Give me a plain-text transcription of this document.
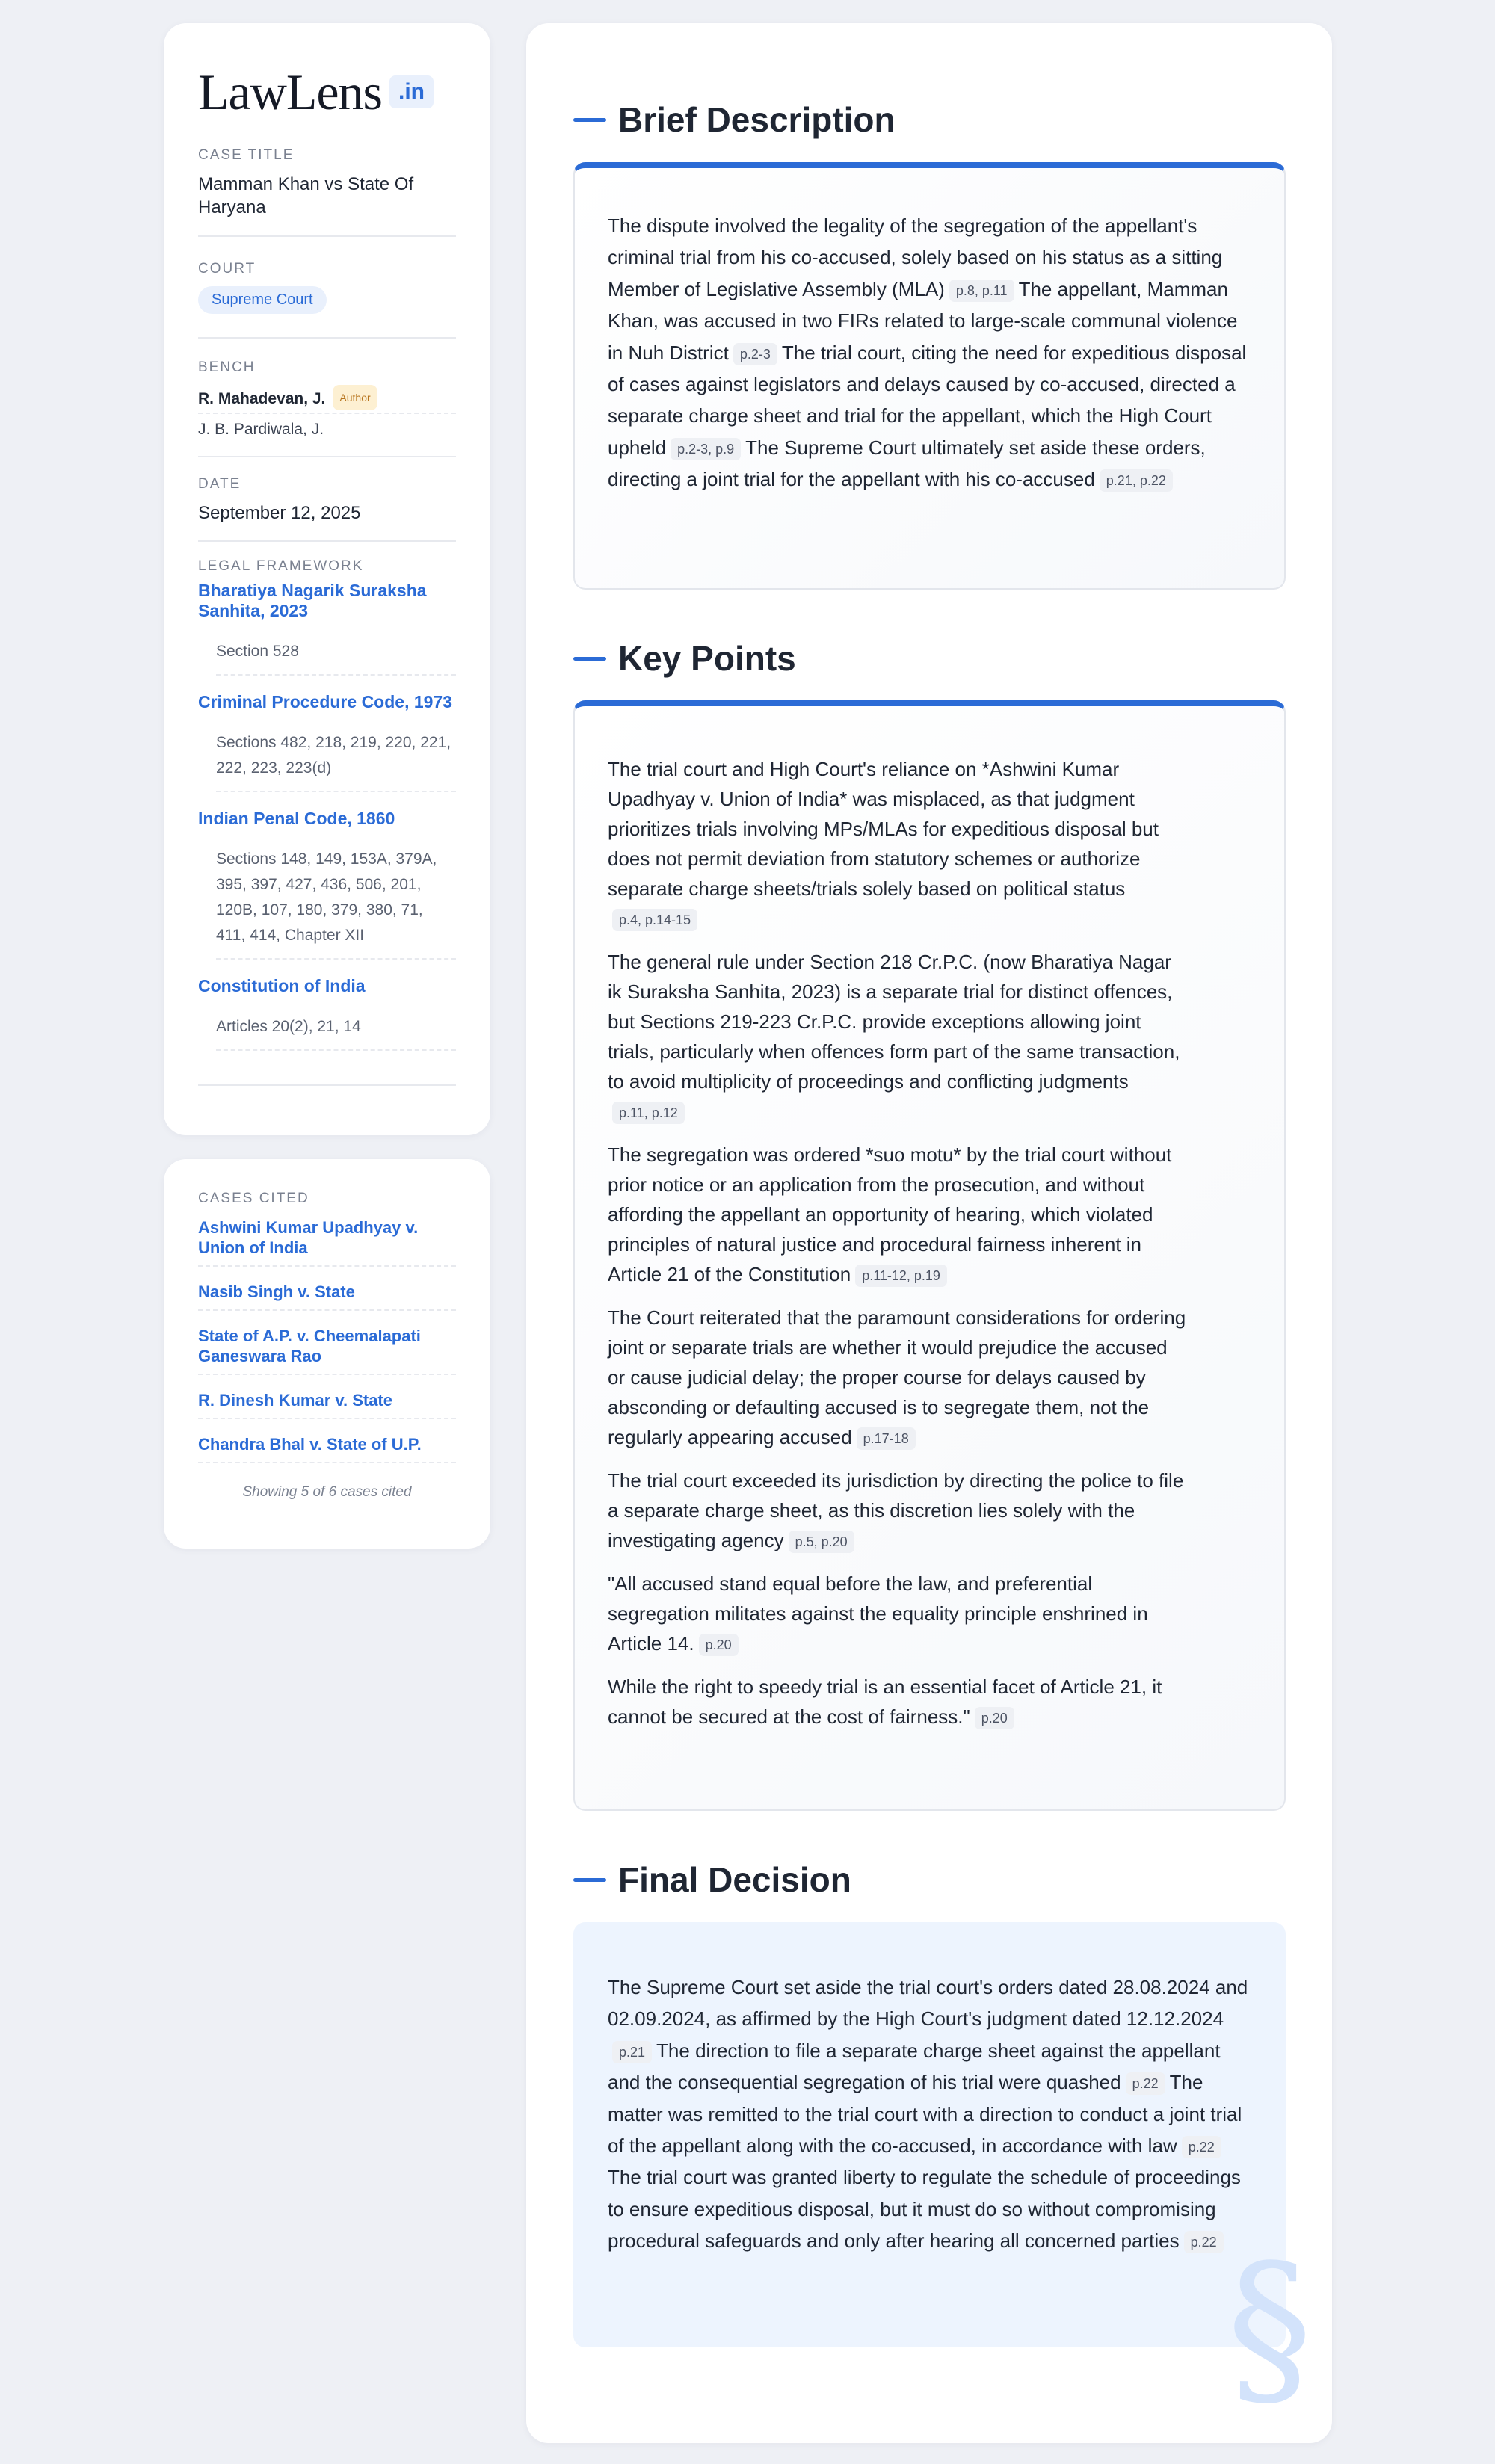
LawLens .in
CASE TITLE
Mamman Khan vs State Of Haryana
COURT
Supreme Court
BENCH
R. Mahadevan, J. Author
J. B. Pardiwala, J.
DATE
September 12, 2025
LEGAL FRAMEWORK
Bharatiya Nagarik Suraksha Sanhita, 2023
Section 528
Criminal Procedure Code, 1973
Sections 482, 218, 219, 220, 221, 222, 223, 223(d)
Indian Penal Code, 1860
Sections 148, 149, 153A, 379A, 395, 397, 427, 436, 506, 201, 120B, 107, 180, 379, 380, 71, 411, 414, Chapter XII
Constitution of India
Articles 20(2), 21, 14
CASES CITED
Ashwini Kumar Upadhyay v. Union of India
Nasib Singh v. State
State of A.P. v. Cheemalapati Ganeswara Rao
R. Dinesh Kumar v. State
Chandra Bhal v. State of U.P.
Showing 5 of 6 cases cited
Brief Description

The dispute involved the legality of the segregation of the appellant's criminal trial from his co-accused, solely based on his status as a sitting Member of Legislative Assembly (MLA) p.8, p.11 The appellant, Mamman Khan, was accused in two FIRs related to large-scale communal violence in Nuh District p.2-3 The trial court, citing the need for expeditious disposal of cases against legislators and delays caused by co-accused, directed a separate charge sheet and trial for the appellant, which the High Court upheld p.2-3, p.9 The Supreme Court ultimately set aside these orders, directing a joint trial for the appellant with his co-accused p.21, p.22

Key Points

The trial court and High Court's reliance on *Ashwini Kumar Upadhyay v. Union of India* was misplaced, as that judgment prioritizes trials involving MPs/MLAs for expeditious disposal but does not permit deviation from statutory schemes or authorize separate charge sheets/trials solely based on political statusp.4, p.14-15

The general rule under Section 218 Cr.P.C. (now Bharatiya Nagar ik Suraksha Sanhita, 2023) is a separate trial for distinct offences, but Sections 219-223 Cr.P.C. provide exceptions allowing joint trials, particularly when offences form part of the same transaction, to avoid multiplicity of proceedings and conflicting judgmentsp.11, p.12

The segregation was ordered *suo motu* by the trial court without prior notice or an application from the prosecution, and without affording the appellant an opportunity of hearing, which violated principles of natural justice and procedural fairness inherent in Article 21 of the Constitution p.11-12, p.19

The Court reiterated that the paramount considerations for ordering joint or separate trials are whether it would prejudice the accused or cause judicial delay; the proper course for delays caused by absconding or defaulting accused is to segregate them, not the regularly appearing accused p.17-18

The trial court exceeded its jurisdiction by directing the police to file a separate charge sheet, as this discretion lies solely with the investigating agency p.5, p.20

"All accused stand equal before the law, and preferential segregation militates against the equality principle enshrined in Article 14. p.20

While the right to speedy trial is an essential facet of Article 21, it cannot be secured at the cost of fairness." p.20

Final Decision
§

The Supreme Court set aside the trial court's orders dated 28.08.2024 and 02.09.2024, as affirmed by the High Court's judgment dated 12.12.2024p.21 The direction to file a separate charge sheet against the appellant and the consequential segregation of his trial were quashed p.22 The matter was remitted to the trial court with a direction to conduct a joint trial of the appellant along with the co-accused, in accordance with law p.22The trial court was granted liberty to regulate the schedule of proceedings to ensure expeditious disposal, but it must do so without compromising procedural safeguards and only after hearing all concerned parties p.22
